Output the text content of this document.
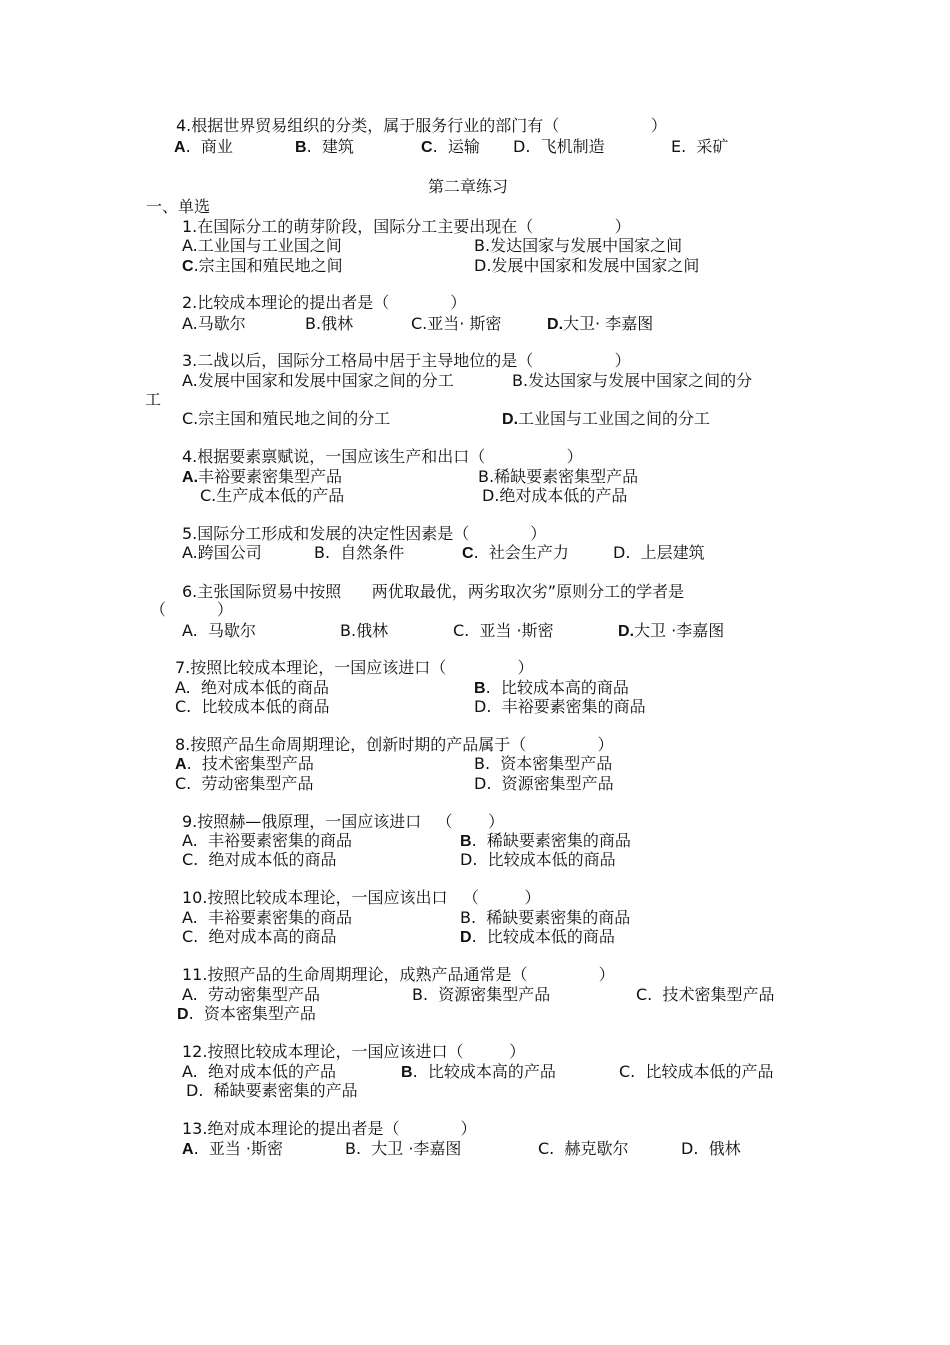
4.根据世界贸易组织的分类，属于服务行业的部门有（                  ）
A. 商业	B. 建筑	C. 运输 D. 飞机制造	E. 采矿
第二章练习
一、单选
1.在国际分工的萌芽阶段，国际分工主要出现在（                ）
A.工业国与工业国之间	B.发达国家与发展中国家之间
C.宗主国和殖民地之间	D.发展中国家和发展中国家之间
2.比较成本理论的提出者是（            ）
A.马歇尔	B.俄林	C.亚当· 斯密	D.大卫· 李嘉图
3.二战以后，国际分工格局中居于主导地位的是（                ）
A.发展中国家和发展中国家之间的分工	B.发达国家与发展中国家之间的分
工
C.宗主国和殖民地之间的分工	D.工业国与工业国之间的分工
4.根据要素禀赋说，一国应该生产和出口（                ）
A.丰裕要素密集型产品	B.稀缺要素密集型产品
C.生产成本低的产品	D.绝对成本低的产品
5.国际分工形成和发展的决定性因素是（            ）
A.跨国公司	B. 自然条件	C. 社会生产力	D. 上层建筑
6.主张国际贸易中按照      两优取最优，两劣取次劣”原则分工的学者是
（          ）
A. 马歇尔	B.俄林	C. 亚当 ·斯密	D.大卫 ·李嘉图
7.按照比较成本理论，一国应该进口（              ）
A. 绝对成本低的商品	B. 比较成本高的商品
C. 比较成本低的商品	D. 丰裕要素密集的商品
8.按照产品生命周期理论，创新时期的产品属于（              ）
A. 技术密集型产品	B. 资本密集型产品
C. 劳动密集型产品	D. 资源密集型产品
9.按照赫—俄原理，一国应该进口   （       ）
A. 丰裕要素密集的商品	B. 稀缺要素密集的商品
C. 绝对成本低的商品	D. 比较成本低的商品
10.按照比较成本理论，一国应该出口   （         ）
A. 丰裕要素密集的商品	B. 稀缺要素密集的商品
C. 绝对成本高的商品	D. 比较成本低的商品
11.按照产品的生命周期理论，成熟产品通常是（              ）
A. 劳动密集型产品	B. 资源密集型产品	C. 技术密集型产品
D. 资本密集型产品
12.按照比较成本理论，一国应该进口（         ）
A. 绝对成本低的产品	B. 比较成本高的产品	C. 比较成本低的产品
D. 稀缺要素密集的产品
13.绝对成本理论的提出者是（            ）
A. 亚当 ·斯密	B. 大卫 ·李嘉图	C. 赫克歇尔	D. 俄林
